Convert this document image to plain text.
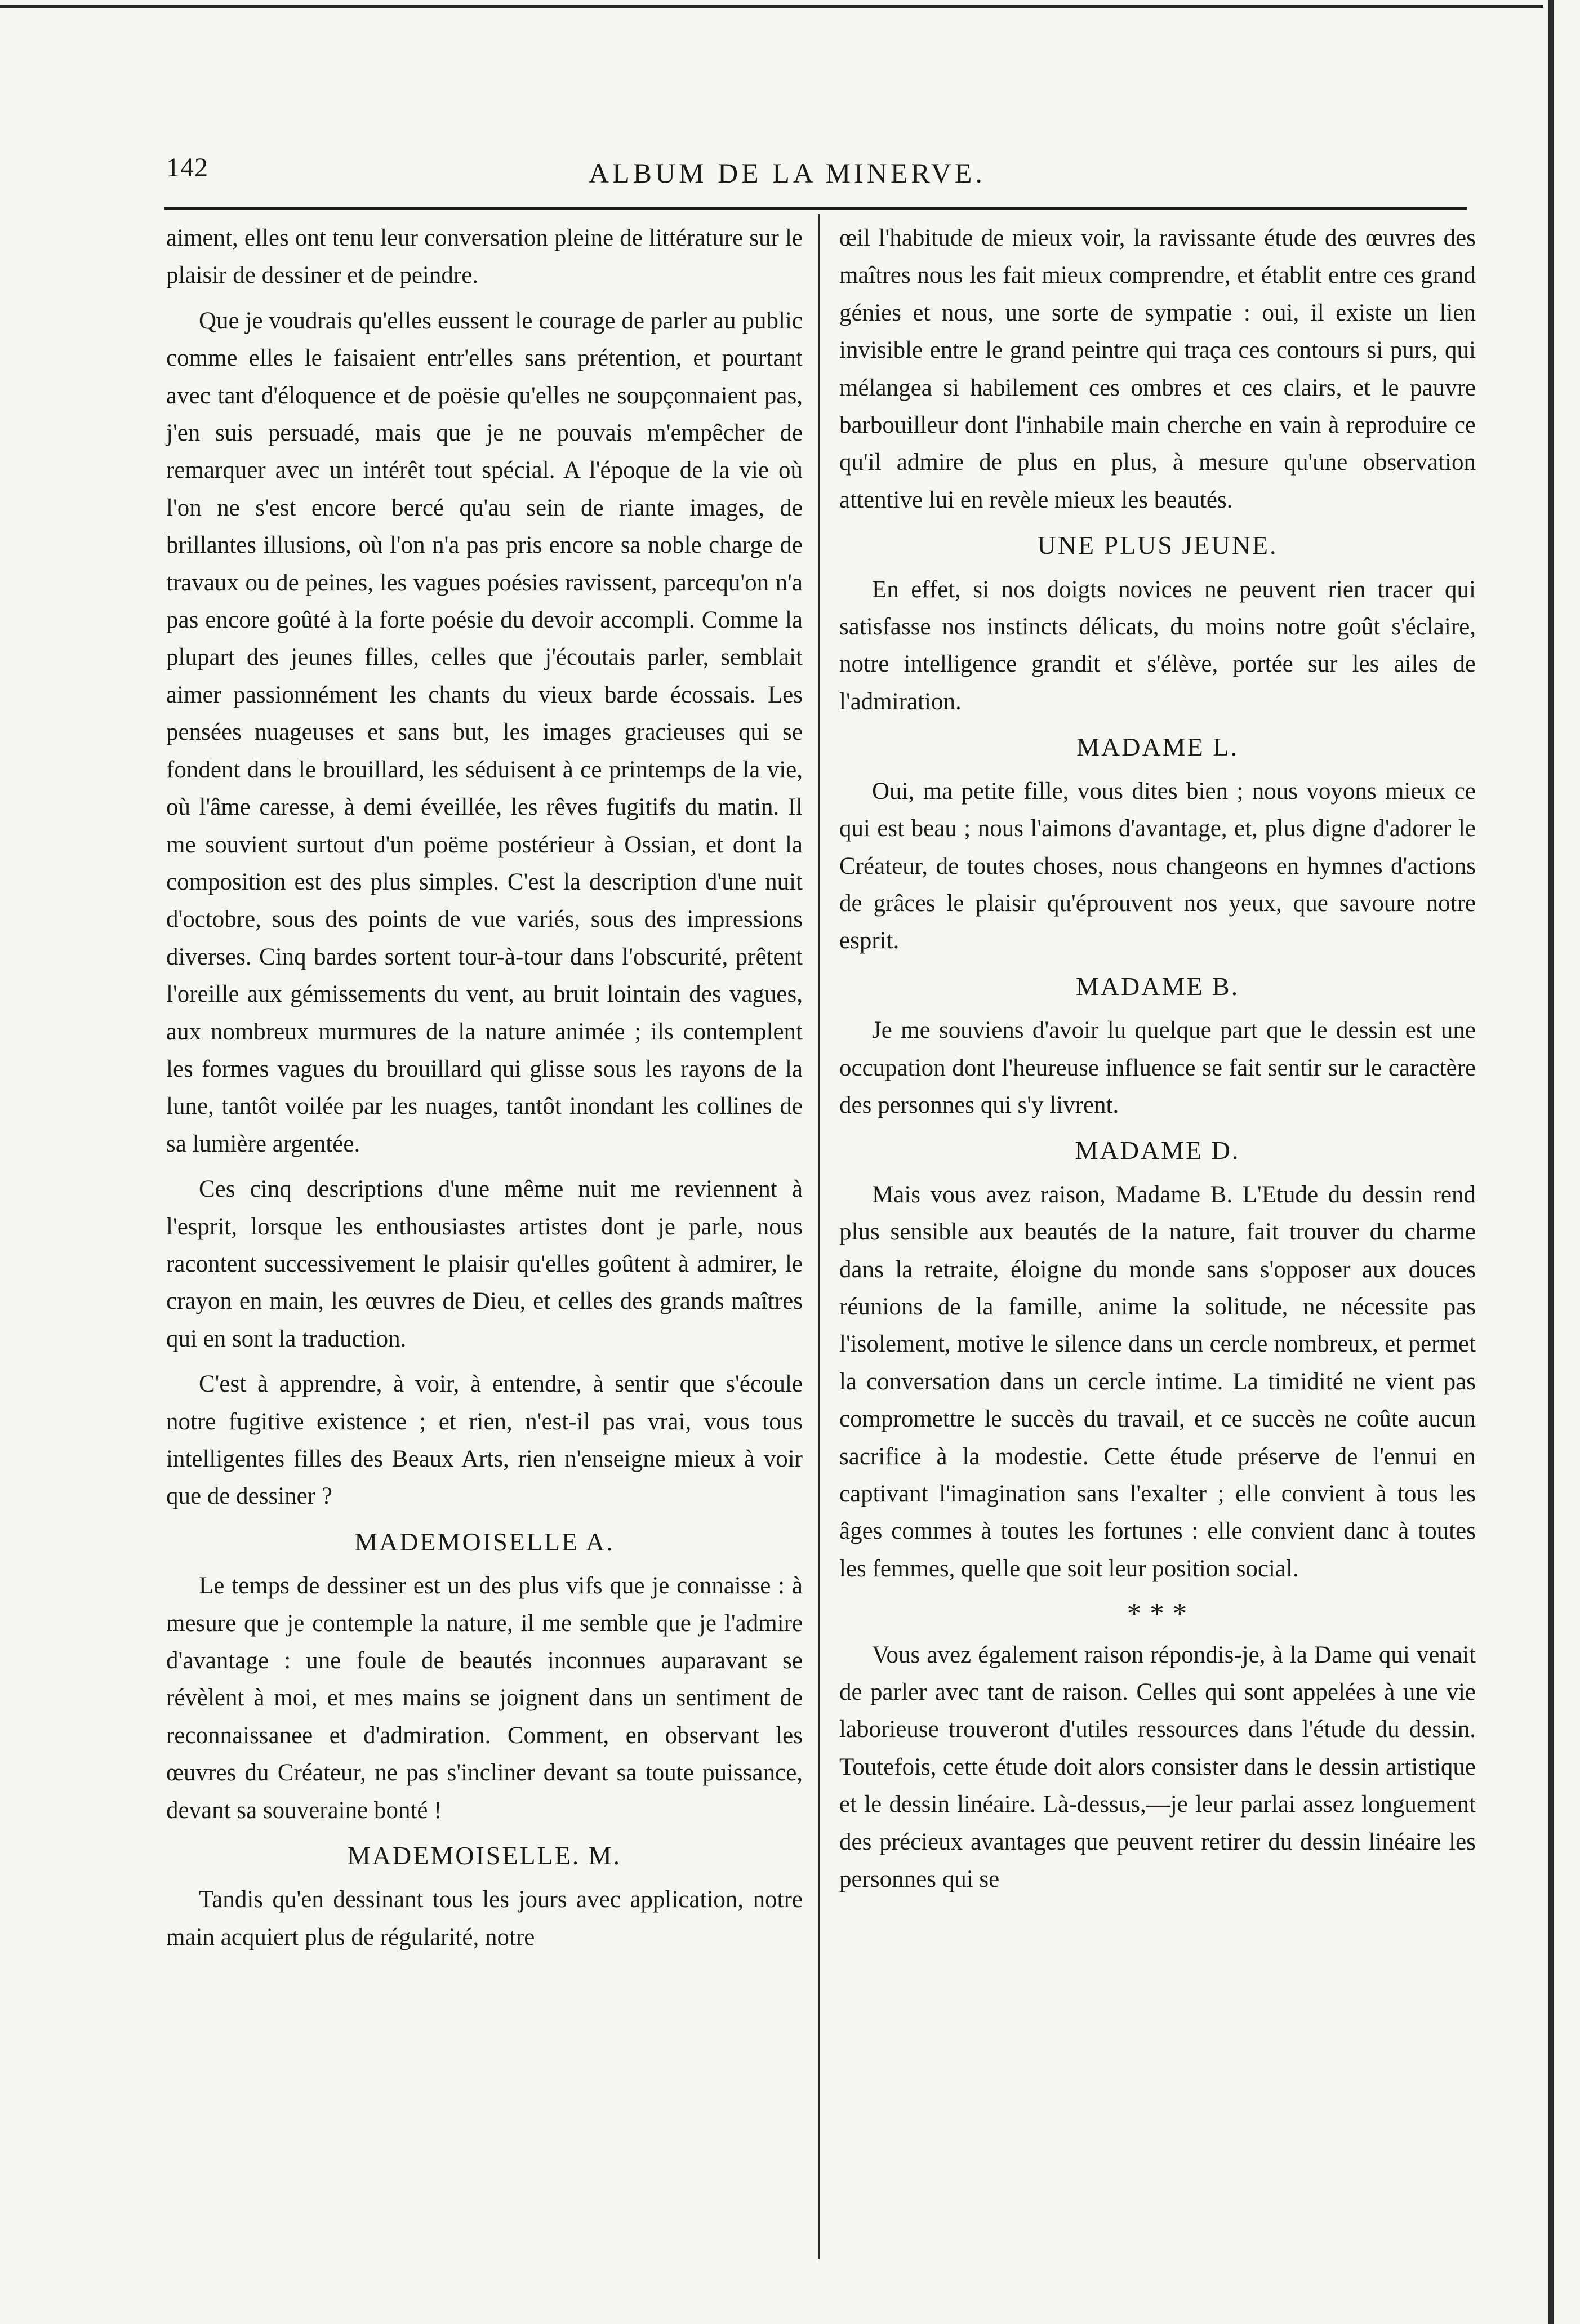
142	ALBUM DE LA MINERVE.

aiment, elles ont tenu leur conversation pleine de littérature sur le plaisir de dessiner et de peindre.

Que je voudrais qu'elles eussent le courage de parler au public comme elles le faisaient entr'elles sans prétention, et pourtant avec tant d'éloquence et de poësie qu'elles ne soupçonnaient pas, j'en suis persuadé, mais que je ne pouvais m'empêcher de remarquer avec un intérêt tout spécial. A l'époque de la vie où l'on ne s'est encore bercé qu'au sein de riante images, de brillantes illusions, où l'on n'a pas pris encore sa noble charge de travaux ou de peines, les vagues poésies ravissent, parcequ'on n'a pas encore goûté à la forte poésie du devoir accompli. Comme la plupart des jeunes filles, celles que j'écoutais parler, semblait aimer passionnément les chants du vieux barde écossais. Les pensées nuageuses et sans but, les images gracieuses qui se fondent dans le brouillard, les séduisent à ce printemps de la vie, où l'âme caresse, à demi éveillée, les rêves fugitifs du matin. Il me souvient surtout d'un poëme postérieur à Ossian, et dont la composition est des plus simples. C'est la description d'une nuit d'octobre, sous des points de vue variés, sous des impressions diverses. Cinq bardes sortent tour-à-tour dans l'obscurité, prêtent l'oreille aux gémissements du vent, au bruit lointain des vagues, aux nombreux murmures de la nature animée ; ils contemplent les formes vagues du brouillard qui glisse sous les rayons de la lune, tantôt voilée par les nuages, tantôt inondant les collines de sa lumière argentée.

Ces cinq descriptions d'une même nuit me reviennent à l'esprit, lorsque les enthousiastes artistes dont je parle, nous racontent successivement le plaisir qu'elles goûtent à admirer, le crayon en main, les œuvres de Dieu, et celles des grands maîtres qui en sont la traduction.

C'est à apprendre, à voir, à entendre, à sentir que s'écoule notre fugitive existence ; et rien, n'est-il pas vrai, vous tous intelligentes filles des Beaux Arts, rien n'enseigne mieux à voir que de dessiner ?

MADEMOISELLE A.

Le temps de dessiner est un des plus vifs que je connaisse : à mesure que je contemple la nature, il me semble que je l'admire d'avantage : une foule de beautés inconnues auparavant se révèlent à moi, et mes mains se joignent dans un sentiment de reconnaissanee et d'admiration. Comment, en observant les œuvres du Créateur, ne pas s'incliner devant sa toute puissance, devant sa souveraine bonté !

MADEMOISELLE. M.

Tandis qu'en dessinant tous les jours avec application, notre main acquiert plus de régularité, notre

œil l'habitude de mieux voir, la ravissante étude des œuvres des maîtres nous les fait mieux comprendre, et établit entre ces grand génies et nous, une sorte de sympatie : oui, il existe un lien invisible entre le grand peintre qui traça ces contours si purs, qui mélangea si habilement ces ombres et ces clairs, et le pauvre barbouilleur dont l'inhabile main cherche en vain à reproduire ce qu'il admire de plus en plus, à mesure qu'une observation attentive lui en revèle mieux les beautés.

UNE PLUS JEUNE.

En effet, si nos doigts novices ne peuvent rien tracer qui satisfasse nos instincts délicats, du moins notre goût s'éclaire, notre intelligence grandit et s'élève, portée sur les ailes de l'admiration.

MADAME L.

Oui, ma petite fille, vous dites bien ; nous voyons mieux ce qui est beau ; nous l'aimons d'avantage, et, plus digne d'adorer le Créateur, de toutes choses, nous changeons en hymnes d'actions de grâces le plaisir qu'éprouvent nos yeux, que savoure notre esprit.

MADAME B.

Je me souviens d'avoir lu quelque part que le dessin est une occupation dont l'heureuse influence se fait sentir sur le caractère des personnes qui s'y livrent.

MADAME D.

Mais vous avez raison, Madame B. L'Etude du dessin rend plus sensible aux beautés de la nature, fait trouver du charme dans la retraite, éloigne du monde sans s'opposer aux douces réunions de la famille, anime la solitude, ne nécessite pas l'isolement, motive le silence dans un cercle nombreux, et permet la conversation dans un cercle intime. La timidité ne vient pas compromettre le succès du travail, et ce succès ne coûte aucun sacrifice à la modestie. Cette étude préserve de l'ennui en captivant l'imagination sans l'exalter ; elle convient à tous les âges commes à toutes les fortunes : elle convient danc à toutes les femmes, quelle que soit leur position social.

* * *

Vous avez également raison répondis-je, à la Dame qui venait de parler avec tant de raison. Celles qui sont appelées à une vie laborieuse trouveront d'utiles ressources dans l'étude du dessin. Toutefois, cette étude doit alors consister dans le dessin artistique et le dessin linéaire. Là-dessus,—je leur parlai assez longuement des précieux avantages que peuvent retirer du dessin linéaire les personnes qui se
